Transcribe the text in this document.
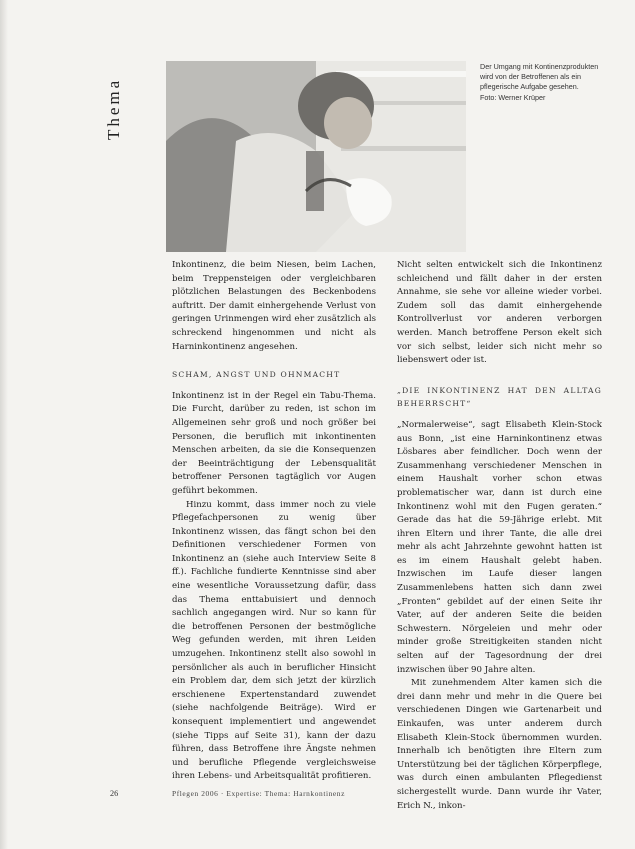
Thema
Der Umgang mit Kontinenzprodukten wird von der Betroffenen als ein pflegerische Aufgabe gesehen.
Foto: Werner Krüper

Inkontinenz, die beim Niesen, beim Lachen, beim Treppensteigen oder vergleichbaren plötzlichen Belastungen des Beckenbodens auftritt. Der damit einhergehende Verlust von geringen Urinmengen wird eher zusätzlich als schreckend hingenommen und nicht als Harninkontinenz angesehen.

SCHAM, ANGST UND OHNMACHT

Inkontinenz ist ​in ​der ​Regel ​ein ​​Tabu​​-​Thema. Die Furcht, darüber zu reden, ist schon im Allgemeinen sehr groß und noch größer bei Personen, die beruflich mit inkontinenten Menschen arbeiten, da sie die Konsequenzen der Beeinträchtigung der Lebensqualität betroffener Personen tagtäglich vor Augen geführt bekommen.

Hinzu kommt, dass immer noch zu viele Pflegefachpersonen zu wenig über Inkontinenz wissen, das fängt schon bei den Definitionen verschiedener Formen von Inkontinenz an (siehe auch Interview Seite 8 ff.). Fachliche fundierte Kenntnisse sind aber eine wesentliche Voraussetzung dafür, dass das Thema enttabuisiert und dennoch sachlich angegangen wird. Nur so kann für die betroffenen Personen der bestmögliche Weg gefunden werden, mit ihren Leiden umzugehen. Inkontinenz stellt also sowohl in persönlicher als auch in beruflicher Hinsicht ein Problem dar, dem sich jetzt der kürzlich erschienene Expertenstandard zuwendet (siehe nachfolgende Beiträge). Wird er konsequent implementiert und angewendet (siehe Tipps auf Seite 31), kann der dazu führen, dass Betroffene ihre Ängste nehmen und berufliche Pflegende vergleichsweise ihren Lebens- und Arbeitsqualität profitieren.

Nicht selten entwickelt sich die Inkontinenz schleichend und fällt daher in der ersten Annahme, sie sehe vor alleine wieder vorbei. Zudem soll das damit einhergehende Kontrollverlust vor anderen verborgen werden. Manch betroffene Person ekelt sich vor sich selbst, leider sich nicht mehr so liebenswert oder ist.

„DIE INKONTINENZ HAT DEN ALLTAG BEHERRSCHT“

„Normalerweise“, sagt Elisabeth Klein-Stock aus Bonn, „ist eine Harninkontinenz etwas Lösbares aber feindlicher. Doch wenn der Zusammenhang verschiedener Menschen in einem Haushalt vorher schon etwas problematischer war, dann ist durch eine Inkontinenz wohl mit den Fugen geraten.“ Gerade das hat die 59-Jährige erlebt. Mit ihren Eltern und ihrer Tante, die alle drei mehr als acht Jahrzehnte gewohnt hatten ist es im einem Haushalt gelebt haben. Inzwischen im Laufe dieser langen Zusammenlebens hatten sich dann zwei „Fronten“ gebildet auf der einen Seite ihr Vater, auf der anderen Seite die beiden Schwestern. Nörgeleien und mehr oder minder große Streitigkeiten standen nicht selten auf der Tagesordnung der drei inzwischen über 90 Jahre alten.

Mit zunehmendem Alter kamen sich die drei dann mehr und mehr in die Quere bei verschiedenen Dingen wie Gartenarbeit und Einkaufen, was unter anderem durch Elisabeth Klein-Stock übernommen wurden. Innerhalb ich benötigten ihre Eltern zum Unterstützung bei der täglichen Körperpflege, was durch einen ambulanten Pflegedienst sichergestellt wurde. Dann wurde ihr Vater, Erich N., inkon-

26	Pflegen 2006 · Expertise: Thema: Harnkontinenz
